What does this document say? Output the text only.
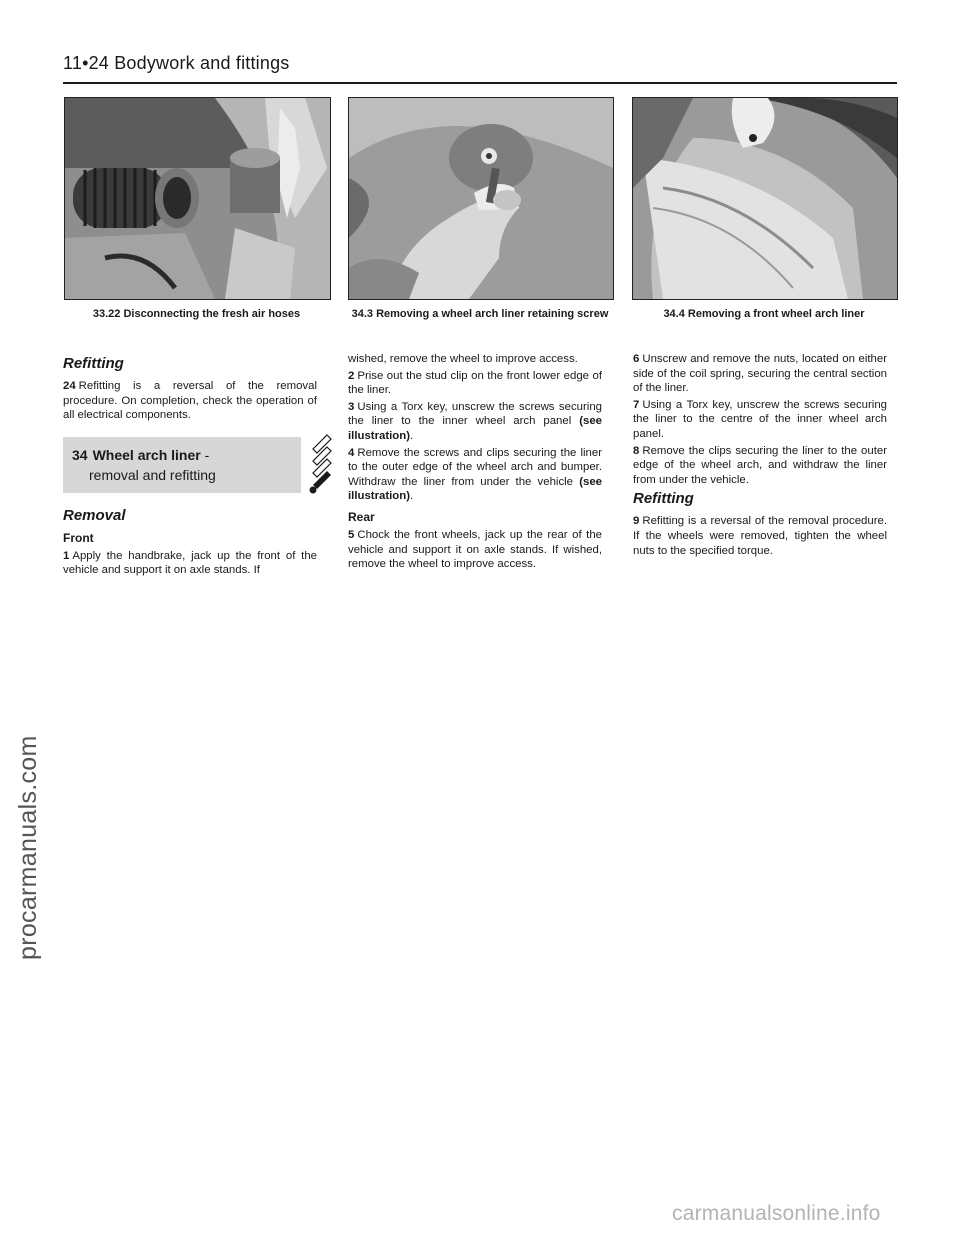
11•24 Bodywork and fittings
33.22 Disconnecting the fresh air hoses	34.3 Removing a wheel arch liner retaining screw	34.4 Removing a front wheel arch liner
Refitting

24 Refitting is a reversal of the removal procedure. On completion, check the operation of all electrical components.

34 Wheel arch liner -
removal and refitting
Removal
Front

1 Apply the handbrake, jack up the front of the vehicle and support it on axle stands. If

wished, remove the wheel to improve access.

2 Prise out the stud clip on the front lower edge of the liner.

3 Using a Torx key, unscrew the screws securing the liner to the inner wheel arch panel (see illustration).

4 Remove the screws and clips securing the liner to the outer edge of the wheel arch and bumper. Withdraw the liner from under the vehicle (see illustration).

Rear

5 Chock the front wheels, jack up the rear of the vehicle and support it on axle stands. If wished, remove the wheel to improve access.

6 Unscrew and remove the nuts, located on either side of the coil spring, securing the central section of the liner.

7 Using a Torx key, unscrew the screws securing the liner to the centre of the inner wheel arch panel.

8 Remove the clips securing the liner to the outer edge of the wheel arch, and withdraw the liner from under the vehicle.

Refitting

9 Refitting is a reversal of the removal procedure. If the wheels were removed, tighten the wheel nuts to the specified torque.

procarmanuals.com
carmanualsonline.info
